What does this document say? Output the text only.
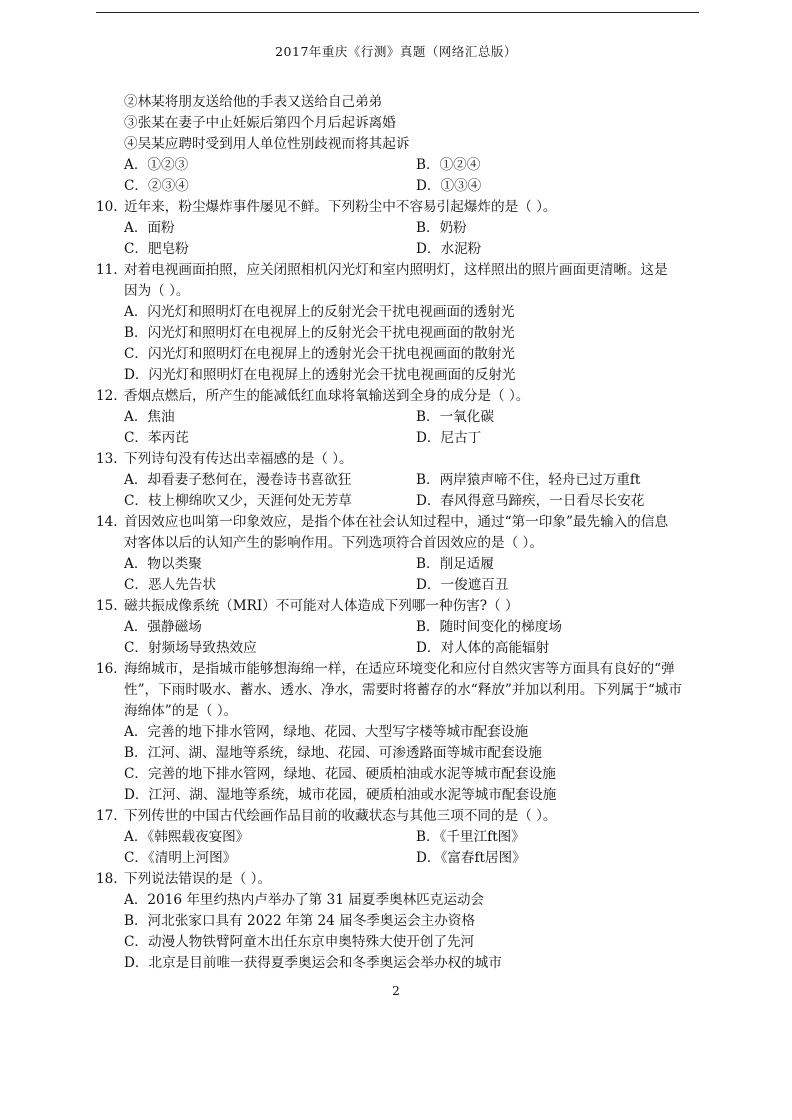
2017年重庆《行测》真题（网络汇总版）
②林某将朋友送给他的手表又送给自己弟弟
③张某在妻子中止妊娠后第四个月后起诉离婚
④吴某应聘时受到用人单位性别歧视而将其起诉
A．①②③	B．①②④
C．②③④	D．①③④
10. 近年来，粉尘爆炸事件屡见不鲜。下列粉尘中不容易引起爆炸的是（ ）。
A．面粉	B．奶粉
C．肥皂粉	D．水泥粉
11. 对着电视画面拍照，应关闭照相机闪光灯和室内照明灯，这样照出的照片画面更清晰。这是
因为（ ）。
A．闪光灯和照明灯在电视屏上的反射光会干扰电视画面的透射光
B．闪光灯和照明灯在电视屏上的反射光会干扰电视画面的散射光
C．闪光灯和照明灯在电视屏上的透射光会干扰电视画面的散射光
D．闪光灯和照明灯在电视屏上的透射光会干扰电视画面的反射光
12. 香烟点燃后，所产生的能减低红血球将氧输送到全身的成分是（ ）。
A．焦油	B．一氧化碳
C．苯丙芘	D．尼古丁
13. 下列诗句没有传达出幸福感的是（ ）。
A．却看妻子愁何在，漫卷诗书喜欲狂	B．两岸猿声啼不住，轻舟已过万重ft
C．枝上柳绵吹又少，天涯何处无芳草	D．春风得意马蹄疾，一日看尽长安花
14. 首因效应也叫第一印象效应，是指个体在社会认知过程中，通过“第一印象”最先输入的信息
对客体以后的认知产生的影响作用。下列选项符合首因效应的是（ ）。
A．物以类聚	B．削足适履
C．恶人先告状	D．一俊遮百丑
15. 磁共振成像系统（MRI）不可能对人体造成下列哪一种伤害?（ ）
A．强静磁场	B．随时间变化的梯度场
C．射频场导致热效应	D．对人体的高能辐射
16. 海绵城市，是指城市能够想海绵一样，在适应环境变化和应付自然灾害等方面具有良好的“弹
性”，下雨时吸水、蓄水、透水、净水，需要时将蓄存的水“释放”并加以利用。下列属于“城市
海绵体”的是（ ）。
A．完善的地下排水管网，绿地、花园、大型写字楼等城市配套设施
B．江河、湖、湿地等系统，绿地、花园、可渗透路面等城市配套设施
C．完善的地下排水管网，绿地、花园、硬质柏油或水泥等城市配套设施
D．江河、湖、湿地等系统，城市花园，硬质柏油或水泥等城市配套设施
17. 下列传世的中国古代绘画作品目前的收藏状态与其他三项不同的是（ ）。
A．《韩熙载夜宴图》	B．《千里江ft图》
C．《清明上河图》	D．《富春ft居图》
18. 下列说法错误的是（ ）。
A．2016 年里约热内卢举办了第 31 届夏季奥林匹克运动会
B．河北张家口具有 2022 年第 24 届冬季奥运会主办资格
C．动漫人物铁臂阿童木出任东京申奥特殊大使开创了先河
D．北京是目前唯一获得夏季奥运会和冬季奥运会举办权的城市
2
